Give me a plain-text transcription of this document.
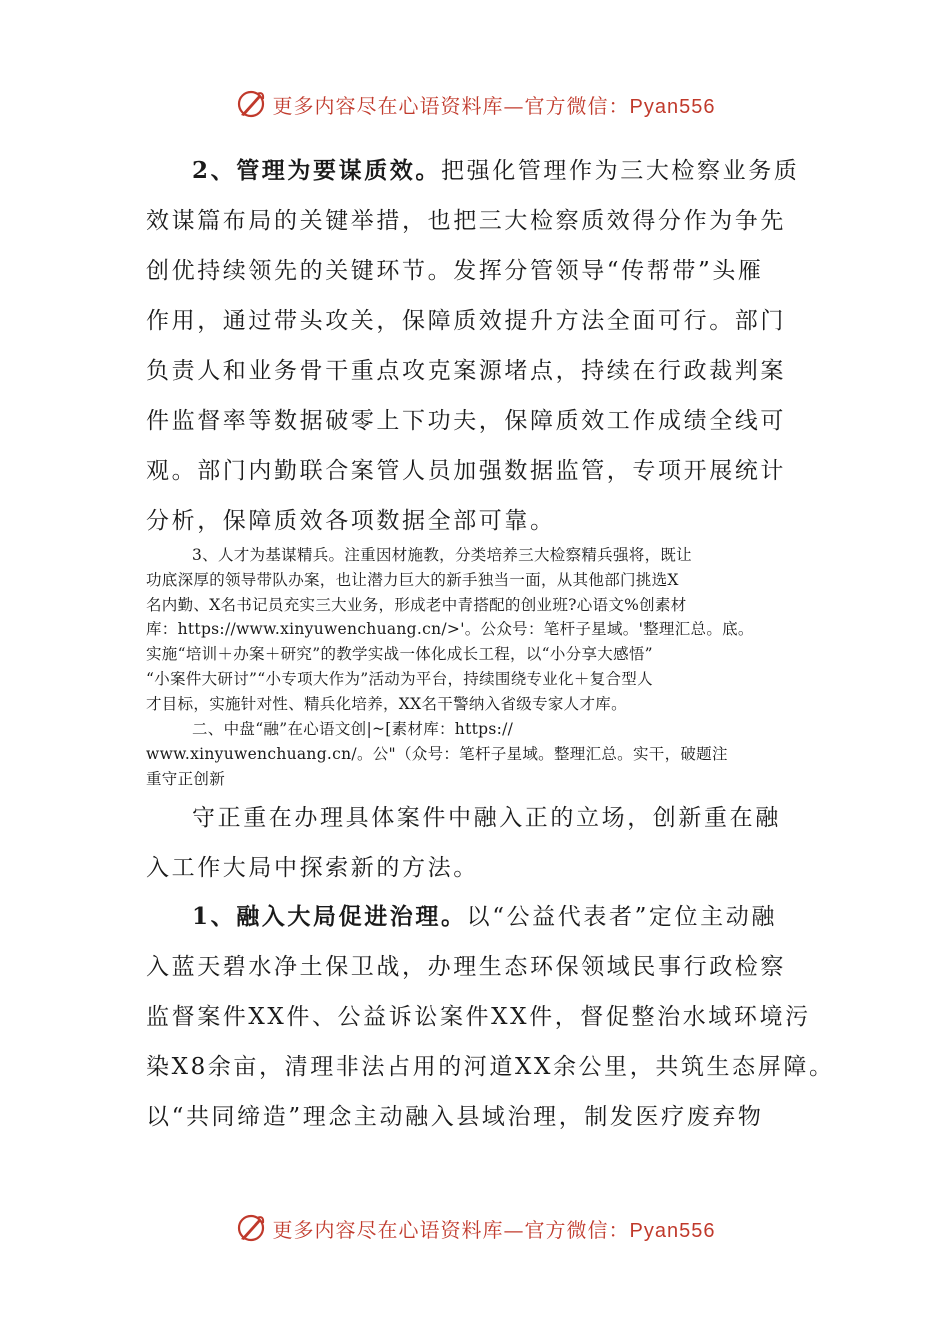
更多内容尽在心语资料库—官方微信：Pyan556
2、管理为要谋质效。把强化管理作为三大检察业务质
效谋篇布局的关键举措，也把三大检察质效得分作为争先
创优持续领先的关键环节。发挥分管领导“传帮带”头雁
作用，通过带头攻关，保障质效提升方法全面可行。部门
负责人和业务骨干重点攻克案源堵点，持续在行政裁判案
件监督率等数据破零上下功夫，保障质效工作成绩全线可
观。部门内勤联合案管人员加强数据监管，专项开展统计
分析，保障质效各项数据全部可靠。
3、人才为基谋精兵。注重因材施教，分类培养三大检察精兵强将，既让
功底深厚的领导带队办案，也让潜力巨大的新手独当一面，从其他部门挑选X
名内勤、X名书记员充实三大业务，形成老中青搭配的创业班?心语文%创素材
库：https://www.xinyuwenchuang.cn/>'。公众号：笔杆子星域。'整理汇总。底。
实施“培训＋办案＋研究”的教学实战一体化成长工程，以“小分享大感悟”
“小案件大研讨”“小专项大作为”活动为平台，持续围绕专业化＋复合型人
才目标，实施针对性、精兵化培养，XX名干警纳入省级专家人才库。
二、中盘“融”在心语文创|~[素材库：https://
www.xinyuwenchuang.cn/。公"（众号：笔杆子星域。整理汇总。实干，破题注
重守正创新
守正重在办理具体案件中融入正的立场，创新重在融
入工作大局中探索新的方法。
1、融入大局促进治理。以“公益代表者”定位主动融
入蓝天碧水净土保卫战，办理生态环保领域民事行政检察
监督案件XX件、公益诉讼案件XX件，督促整治水域环境污
染X8余亩，清理非法占用的河道XX余公里，共筑生态屏障。
以“共同缔造”理念主动融入县域治理，制发医疗废弃物
更多内容尽在心语资料库—官方微信：Pyan556
